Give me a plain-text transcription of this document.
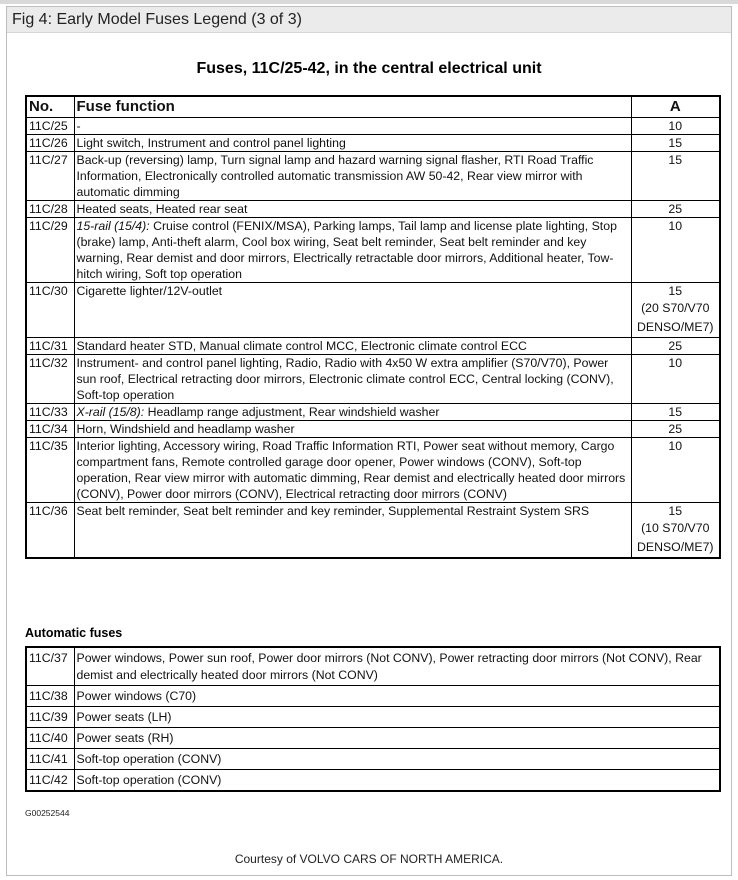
Fig 4: Early Model Fuses Legend (3 of 3)
Fuses, 11C/25-42, in the central electrical unit
No.	Fuse function	A
11C/25	-	10

11C/26	Light switch, Instrument and control panel lighting	15

11C/27	Back-up (reversing) lamp, Turn signal lamp and hazard warning signal flasher, RTI Road Traffic Information, Electronically controlled automatic transmission AW 50-42, Rear view mirror with automatic dimming	15

11C/28	Heated seats, Heated rear seat	25

11C/29	15-rail (15/4): Cruise control (FENIX/MSA), Parking lamps, Tail lamp and license plate lighting, Stop (brake) lamp, Anti-theft alarm, Cool box wiring, Seat belt reminder, Seat belt reminder and key warning, Rear demist and door mirrors, Electrically retractable door mirrors, Additional heater, Tow-hitch wiring, Soft top operation	10

11C/30	Cigarette lighter/12V-outlet	15
(20 S70/V70 DENSO/ME7)

11C/31	Standard heater STD, Manual climate control MCC, Electronic climate control ECC	25

11C/32	Instrument- and control panel lighting, Radio, Radio with 4x50 W extra amplifier (S70/V70), Power sun roof, Electrical retracting door mirrors, Electronic climate control ECC, Central locking (CONV), Soft-top operation	10

11C/33	X-rail (15/8): Headlamp range adjustment, Rear windshield washer	15

11C/34	Horn, Windshield and headlamp washer	25

11C/35	Interior lighting, Accessory wiring, Road Traffic Information RTI, Power seat without memory, Cargo compartment fans, Remote controlled garage door opener, Power windows (CONV), Soft-top operation, Rear view mirror with automatic dimming, Rear demist and electrically heated door mirrors (CONV), Power door mirrors (CONV), Electrical retracting door mirrors (CONV)	10

11C/36	Seat belt reminder, Seat belt reminder and key reminder, Supplemental Restraint System SRS	15
(10 S70/V70 DENSO/ME7)
Automatic fuses
11C/37	Power windows, Power sun roof, Power door mirrors (Not CONV), Power retracting door mirrors (Not CONV), Rear demist and electrically heated door mirrors (Not CONV)
11C/38	Power windows (C70)
11C/39	Power seats (LH)
11C/40	Power seats (RH)
11C/41	Soft-top operation (CONV)
11C/42	Soft-top operation (CONV)
G00252544
Courtesy of VOLVO CARS OF NORTH AMERICA.
